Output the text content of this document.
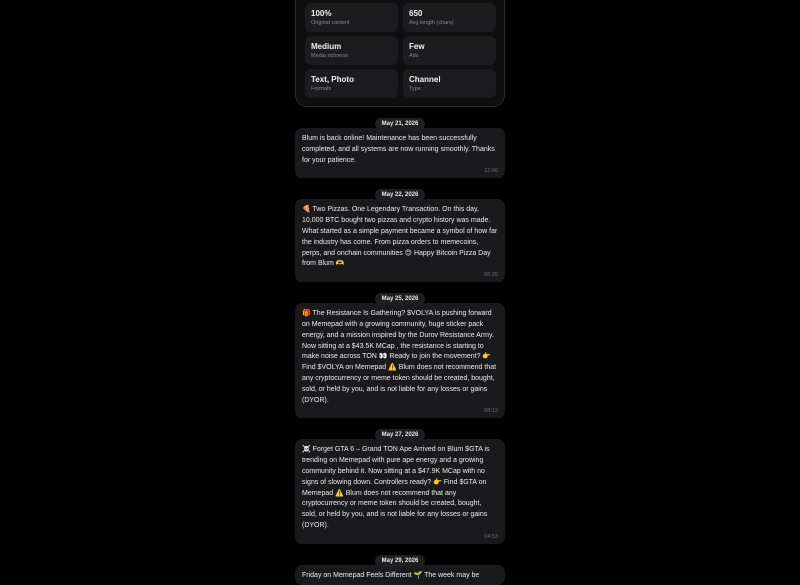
100%
Original content
650
Avg length (chars)
Medium
Media richness
Few
Ads
Text, Photo
Formats
Channel
Type
May 21, 2026
Blum is back online! Maintenance has been successfully completed, and all systems are now running smoothly. Thanks for your patience.
12:00
May 22, 2026
🍕 Two Pizzas. One Legendary Transaction. On this day, 10,000 BTC bought two pizzas and crypto history was made. What started as a simple payment became a symbol of how far the industry has come. From pizza orders to memecoins, perps, and onchain communities 😊 Happy Bitcoin Pizza Day from Blum 🫶
05:26
May 25, 2026
🎁 The Resistance Is Gathering? $VOLYA is pushing forward on Memepad with a growing community, huge sticker pack energy, and a mission inspired by the Durov Resistance Army. Now sitting at a $43.5K MCap , the resistance is starting to make noise across TON 👀 Ready to join the movement? 👉 Find $VOLYA on Memepad ⚠️ Blum does not recommend that any cryptocurrency or meme token should be created, bought, sold, or held by you, and is not liable for any losses or gains (DYOR).
08:12
May 27, 2026
☠️ Forget GTA 6 – Grand TON Ape Arrived on Blum $GTA is trending on Memepad with pure ape energy and a growing community behind it. Now sitting at a $47.9K MCap with no signs of slowing down. Controllers ready? 👉 Find $GTA on Memepad ⚠️ Blum does not recommend that any cryptocurrency or meme token should be created, bought, sold, or held by you, and is not liable for any losses or gains (DYOR).
04:53
May 29, 2026
Friday on Memepad Feels Different 🌱 The week may be
